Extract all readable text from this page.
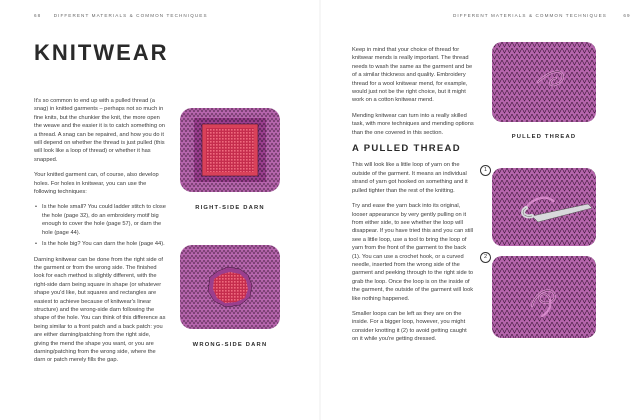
68	DIFFERENT MATERIALS & COMMON TECHNIQUES
KNITWEAR

It's so common to end up with a pulled thread (a snag) in knitted garments – perhaps not so much in fine knits, but the chunkier the knit, the more open the weave and the easier it is to catch something on a thread. A snag can be repaired, and how you do it will depend on whether the thread is just pulled (this will look like a loop of thread) or whether it has snapped.

Your knitted garment can, of course, also develop holes. For holes in knitwear, you can use the following techniques:

• Is the hole small? You could ladder stitch to close the hole (page 32), do an embroidery motif big enough to cover the hole (page 57), or darn the hole (page 44).
• Is the hole big? You can darn the hole (page 44).

Darning knitwear can be done from the right side of the garment or from the wrong side. The finished look for each method is slightly different, with the right-side darn being square in shape (or whatever shape you'd like, but squares and rectangles are easiest to achieve because of knitwear's linear structure) and the wrong-side darn following the shape of the hole. You can think of this difference as being similar to a front patch and a back patch: you are either darning/patching from the right side, giving the mend the shape you want, or you are darning/patching from the wrong side, where the darn or patch merely fills the gap.

RIGHT-SIDE DARN
WRONG-SIDE DARN
DIFFERENT MATERIALS & COMMON TECHNIQUES	69

Keep in mind that your choice of thread for knitwear mends is really important. The thread needs to wash the same as the garment and be of a similar thickness and quality. Embroidery thread for a wool knitwear mend, for example, would just not be the right choice, but it might work on a cotton knitwear mend.

Mending knitwear can turn into a really skilled task, with more techniques and mending options than the one covered in this section.

A PULLED THREAD

This will look like a little loop of yarn on the outside of the garment. It means an individual strand of yarn got hooked on something and it pulled tighter than the rest of the knitting.

Try and ease the yarn back into its original, looser appearance by very gently pulling on it from either side, to see whether the loop will disappear. If you have tried this and you can still see a little loop, use a tool to bring the loop of yarn from the front of the garment to the back (1). You can use a crochet hook, or a curved needle, inserted from the wrong side of the garment and peeking through to the right side to grab the loop. Once the loop is on the inside of the garment, the outside of the garment will look like nothing happened.

Smaller loops can be left as they are on the inside. For a bigger loop, however, you might consider knotting it (2) to avoid getting caught on it while you're getting dressed.

PULLED THREAD
1
2
